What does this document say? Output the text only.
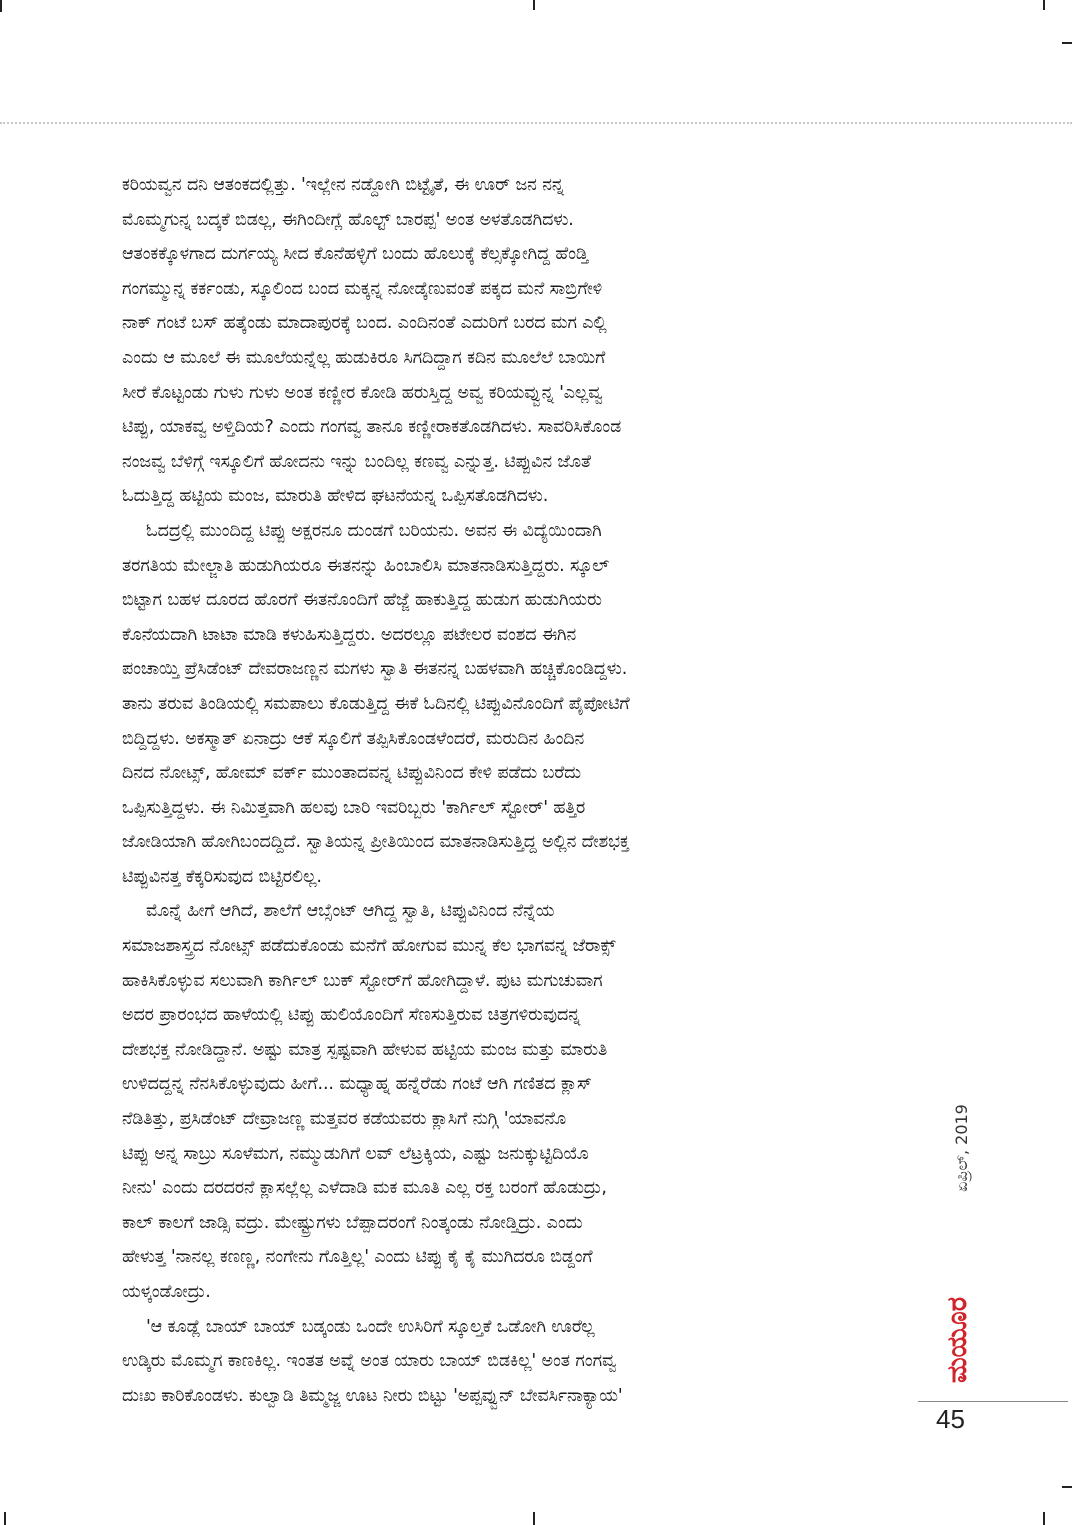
ಕರಿಯವ್ವನ ದನಿ ಆತಂಕದಲ್ಲಿತ್ತು. 'ಇಲ್ಲೇನ ನಡ್ದೋಗಿ ಬಿಟ್ಟೈತೆ, ಈ ಊರ್ ಜನ ನನ್ನ
ಮೊಮ್ಮಗುನ್ನ ಬದ್ಕಕೆ ಬಿಡಲ್ಲ, ಈಗಿಂದೀಗ್ಲೆ ಹೊಲ್ಟ್ ಬಾರಪ್ಪ' ಅಂತ ಅಳತೊಡಗಿದಳು.
ಆತಂಕಕ್ಕೊಳಗಾದ ದುರ್ಗಯ್ಯ ಸೀದ ಕೊನೆಹಳ್ಳಿಗೆ ಬಂದು ಹೊಲುಕ್ಕೆ ಕೆಲ್ಸಕ್ಕೋಗಿದ್ದ ಹೆಂಡ್ತಿ
ಗಂಗಮ್ಮುನ್ನ ಕರ್ಕಂಡು, ಸ್ಕೂಲಿಂದ ಬಂದ ಮಕ್ಕನ್ನ ನೋಡ್ಕೆಣುವಂತೆ ಪಕ್ಕದ ಮನೆ ಸಾಬ್ರಿಗೇಳಿ
ನಾಕ್ ಗಂಟೆ ಬಸ್ ಹತ್ಕೆಂಡು ಮಾದಾಪುರಕ್ಕೆ ಬಂದ. ಎಂದಿನಂತೆ ಎದುರಿಗೆ ಬರದ ಮಗ ಎಲ್ಲಿ
ಎಂದು ಆ ಮೂಲೆ ಈ ಮೂಲೆಯನ್ನೆಲ್ಲ ಹುಡುಕಿರೂ ಸಿಗದಿದ್ದಾಗ ಕದಿನ ಮೂಲೆಲೆ ಬಾಯಿಗೆ
ಸೀರೆ ಕೊಟ್ಟಂಡು ಗುಳು ಗುಳು ಅಂತ ಕಣ್ಣೀರ ಕೋಡಿ ಹರುಸ್ತಿದ್ದ ಅವ್ವ ಕರಿಯವ್ವುನ್ನ 'ಎಲ್ಲವ್ವ
ಟಿಪ್ಪು, ಯಾಕವ್ವ ಅಳ್ತಿದಿಯ? ಎಂದು ಗಂಗವ್ವ ತಾನೂ ಕಣ್ಣೀರಾಕತೊಡಗಿದಳು. ಸಾವರಿಸಿಕೊಂಡ
ನಂಜವ್ವ ಬೆಳಿಗ್ಗೆ ಇಸ್ಕೂಲಿಗೆ ಹೋದನು ಇನ್ನು ಬಂದಿಲ್ಲ ಕಣವ್ವ ಎನ್ನುತ್ತ. ಟಿಪ್ಪುವಿನ ಜೊತೆ
ಓದುತ್ತಿದ್ದ ಹಟ್ಟಿಯ ಮಂಜ, ಮಾರುತಿ ಹೇಳಿದ ಘಟನೆಯನ್ನ ಒಪ್ಪಿಸತೊಡಗಿದಳು.

ಓದದ್ರಲ್ಲಿ ಮುಂದಿದ್ದ ಟಿಪ್ಪು ಅಕ್ಷರನೂ ದುಂಡಗೆ ಬರಿಯನು. ಅವನ ಈ ವಿದ್ಯೆಯಿಂದಾಗಿ
ತರಗತಿಯ ಮೇಲ್ಜಾತಿ ಹುಡುಗಿಯರೂ ಈತನನ್ನು ಹಿಂಬಾಲಿಸಿ ಮಾತನಾಡಿಸುತ್ತಿದ್ದರು. ಸ್ಕೂಲ್
ಬಿಟ್ಟಾಗ ಬಹಳ ದೂರದ ಹೊರಗೆ ಈತನೊಂದಿಗೆ ಹೆಜ್ಜೆ ಹಾಕುತ್ತಿದ್ದ ಹುಡುಗ ಹುಡುಗಿಯರು
ಕೊನೆಯದಾಗಿ ಟಾಟಾ ಮಾಡಿ ಕಳುಹಿಸುತ್ತಿದ್ದರು. ಅದರಲ್ಲೂ ಪಟೇಲರ ವಂಶದ ಈಗಿನ
ಪಂಚಾಯ್ತಿ ಪ್ರೆಸಿಡೆಂಟ್ ದೇವರಾಜಣ್ಣನ ಮಗಳು ಸ್ವಾತಿ ಈತನನ್ನ ಬಹಳವಾಗಿ ಹಚ್ಚಿಕೊಂಡಿದ್ದಳು.
ತಾನು ತರುವ ತಿಂಡಿಯಲ್ಲಿ ಸಮಪಾಲು ಕೊಡುತ್ತಿದ್ದ ಈಕೆ ಓದಿನಲ್ಲಿ ಟಿಪ್ಪುವಿನೊಂದಿಗೆ ಪೈಪೋಟಿಗೆ
ಬಿದ್ದಿದ್ದಳು. ಅಕಸ್ಮಾತ್ ಏನಾದ್ರು ಆಕೆ ಸ್ಕೂಲಿಗೆ ತಪ್ಪಿಸಿಕೊಂಡಳೆಂದರೆ, ಮರುದಿನ ಹಿಂದಿನ
ದಿನದ ನೋಟ್ಸ್, ಹೋಮ್ ವರ್ಕ್ ಮುಂತಾದವನ್ನ ಟಿಪ್ಪುವಿನಿಂದ ಕೇಳಿ ಪಡೆದು ಬರೆದು
ಒಪ್ಪಿಸುತ್ತಿದ್ದಳು. ಈ ನಿಮಿತ್ತವಾಗಿ ಹಲವು ಬಾರಿ ಇವರಿಬ್ಬರು 'ಕಾರ್ಗಿಲ್ ಸ್ಟೋರ್' ಹತ್ತಿರ
ಜೋಡಿಯಾಗಿ ಹೋಗಿಬಂದದ್ದಿದೆ. ಸ್ವಾತಿಯನ್ನ ಪ್ರೀತಿಯಿಂದ ಮಾತನಾಡಿಸುತ್ತಿದ್ದ ಅಲ್ಲಿನ ದೇಶಭಕ್ತ
ಟಿಪ್ಪುವಿನತ್ತ ಕೆಕ್ಕರಿಸುವುದ ಬಿಟ್ಟಿರಲಿಲ್ಲ.

ಮೊನ್ನೆ ಹೀಗೆ ಆಗಿದೆ, ಶಾಲೆಗೆ ಆಬ್ಸೆಂಟ್ ಆಗಿದ್ದ ಸ್ವಾತಿ, ಟಿಪ್ಪುವಿನಿಂದ ನೆನ್ನೆಯ
ಸಮಾಜಶಾಸ್ತ್ರದ ನೋಟ್ಸ್ ಪಡೆದುಕೊಂಡು ಮನೆಗೆ ಹೋಗುವ ಮುನ್ನ ಕೆಲ ಭಾಗವನ್ನ ಜೆರಾಕ್ಸ್
ಹಾಕಿಸಿಕೊಳ್ಳುವ ಸಲುವಾಗಿ ಕಾರ್ಗಿಲ್ ಬುಕ್ ಸ್ಟೋರ್‌ಗೆ ಹೋಗಿದ್ದಾಳೆ. ಪುಟ ಮಗುಚುವಾಗ
ಅದರ ಪ್ರಾರಂಭದ ಹಾಳೆಯಲ್ಲಿ ಟಿಪ್ಪು ಹುಲಿಯೊಂದಿಗೆ ಸೆಣಸುತ್ತಿರುವ ಚಿತ್ರಗಳಿರುವುದನ್ನ
ದೇಶಭಕ್ತ ನೋಡಿದ್ದಾನೆ. ಅಷ್ಟು ಮಾತ್ರ ಸ್ಪಷ್ಟವಾಗಿ ಹೇಳುವ ಹಟ್ಟಿಯ ಮಂಜ ಮತ್ತು ಮಾರುತಿ
ಉಳಿದದ್ದನ್ನ ನೆನಸಿಕೊಳ್ಳುವುದು ಹೀಗೆ... ಮಧ್ಯಾಹ್ನ ಹನ್ನೆರೆಡು ಗಂಟೆ ಆಗಿ ಗಣಿತದ ಕ್ಲಾಸ್
ನೆಡಿತಿತ್ತು, ಪ್ರಸಿಡೆಂಟ್ ದೇವ್ರಾಜಣ್ಣ ಮತ್ತವರ ಕಡೆಯವರು ಕ್ಲಾಸಿಗೆ ನುಗ್ಗಿ 'ಯಾವನೊ
ಟಿಪ್ಪು ಅನ್ನ ಸಾಬ್ರು ಸೂಳೆಮಗ, ನಮ್ಮುಡುಗಿಗೆ ಲವ್ ಲೆಟ್ರಕ್ಕಿಯ, ಎಷ್ಟು ಜನುಕ್ಕುಟ್ಟಿದಿಯೊ
ನೀನು' ಎಂದು ದರದರನೆ ಕ್ಲಾಸಲ್ಲೆಲ್ಲ ಎಳೆದಾಡಿ ಮಕ ಮೂತಿ ಎಲ್ಲ ರಕ್ತ ಬರಂಗೆ ಹೊಡುದ್ರು,
ಕಾಲ್ ಕಾಲಗೆ ಜಾಡ್ಸಿ ವದ್ರು. ಮೇಷ್ಟ್ರುಗಳು ಬೆಪ್ಪಾದರಂಗೆ ನಿಂತ್ಕಂಡು ನೋಡ್ತಿದ್ರು. ಎಂದು
ಹೇಳುತ್ತ 'ನಾನಲ್ಲ ಕಣಣ್ಣ, ನಂಗೇನು ಗೊತ್ತಿಲ್ಲ' ಎಂದು ಟಿಪ್ಪು ಕೈ ಕೈ ಮುಗಿದರೂ ಬಿಡ್ದಂಗೆ
ಯಳ್ಕಂಡೋದ್ರು.

'ಆ ಕೂಡ್ಲೆ ಬಾಯ್ ಬಾಯ್ ಬಡ್ಕಂಡು ಒಂದೇ ಉಸಿರಿಗೆ ಸ್ಕೂಲ್ತಕೆ ಒಡೋಗಿ ಊರೆಲ್ಲ
ಉಡ್ಕಿರು ಮೊಮ್ಮಗ ಕಾಣಕಿಲ್ಲ. ಇಂತತ ಅವ್ನೆ ಅಂತ ಯಾರು ಬಾಯ್ ಬಿಡಕಿಲ್ಲ' ಅಂತ ಗಂಗವ್ವ
ದುಃಖ ಕಾರಿಕೊಂಡಳು. ಕುಲ್ವಾಡಿ ತಿಮ್ಮಜ್ಜ ಊಟ ನೀರು ಬಿಟ್ಟು 'ಅಪ್ಪವ್ವುನ್ ಬೇವರ್ಸಿನಾಕ್ಯಾಯ'

ಏಪ್ರಿಲ್, 2019
ಮಯೂರ
45
